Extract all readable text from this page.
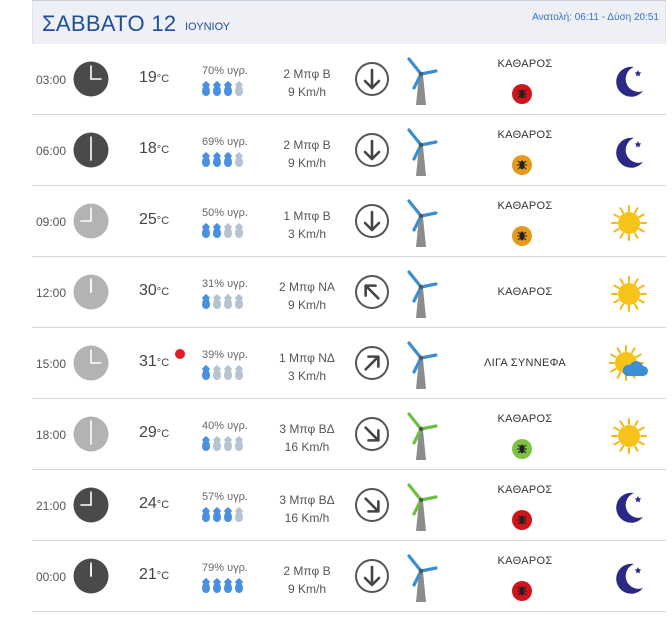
ΣΑΒΒΑΤΟ 12 ΙΟΥΝΙΟΥ
Ανατολή: 06:11 - Δύση 20:51
03:00	19°C
70% υγρ.	2 Μπφ Β
9 Km/h
ΚΑΘΑΡΟΣ
06:00	18°C
69% υγρ.	2 Μπφ Β
9 Km/h
ΚΑΘΑΡΟΣ
09:00	25°C
50% υγρ.	1 Μπφ Β
3 Km/h
ΚΑΘΑΡΟΣ
12:00	30°C
31% υγρ.	2 Μπφ ΝΑ
9 Km/h
ΚΑΘΑΡΟΣ
15:00	31°C
39% υγρ.	1 Μπφ ΝΔ
3 Km/h
ΛΙΓΑ ΣΥΝΝΕΦΑ
18:00	29°C
40% υγρ.	3 Μπφ ΒΔ
16 Km/h
ΚΑΘΑΡΟΣ
21:00	24°C
57% υγρ.	3 Μπφ ΒΔ
16 Km/h
ΚΑΘΑΡΟΣ
00:00	21°C
79% υγρ.	2 Μπφ Β
9 Km/h
ΚΑΘΑΡΟΣ
